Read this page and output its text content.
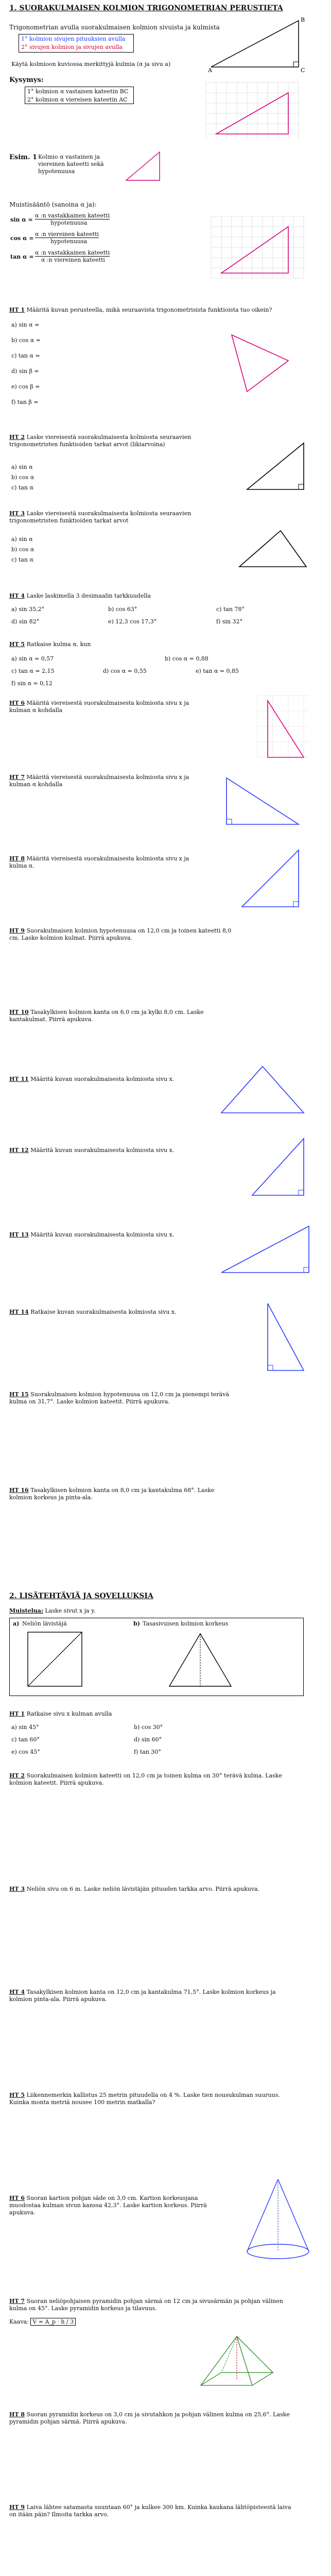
1. SUORAKULMAISEN KOLMION TRIGONOMETRIAN PERUSTIETA
Trigonometrian avulla suorakulmaisen kolmion sivuista ja kulmista
1° kolmion sivujen pituuksien avulla
2° sivujen kolmion ja sivujen avulla
Käytä kolmioon kuviossa merkittyjä kulmia (α ja sivu a)
A	C
B
Kysymys:
1° kolmion α vastaisen kateetin BC
2° kolmion α viereisen kateetin AC
Esim. 1 Kolmio α vastainen ja viereinen kateetti sekä hypotenuusa
Muistisääntö (sanoina α ja):
sin α =
α :n vastakkainen kateetti
hypotenuusa
cos α =
α :n viereinen kateetti
hypotenuusa
tan α =
α :n vastakkainen kateetti
α :n viereinen kateetti
HT 1 Määritä kuvan perusteella, mikä seuraavista trigonometrisista funktioista tuo oikein?
a) sin α =
b) cos α =
c) tan α =
d) sin β =
e) cos β =
f) tan β =
HT 2 Laske viereisestä suorakulmaisesta kolmiosta seuraavien trigonometristen funktioiden tarkat arvot (likiarvoina)
a) sin α
b) cos α
c) tan α
HT 3 Laske viereisestä suorakulmaisesta kolmiosta seuraavien trigonometristen funktioiden tarkat arvot
a) sin α
b) cos α
c) tan α
HT 4 Laske laskimella 3 desimaalin tarkkuudella
a) sin 35,2°	b) cos 63°	c) tan 78°
d) sin 82°	e) 12,3 cos 17,3°	f) sin 32°
HT 5 Ratkaise kulma α, kun
a) sin α = 0,57	b) cos α = 0,88
c) tan α = 2,15	d) cos α = 0,55	e) tan α = 0,85
f) sin α = 0,12
HT 6 Määritä viereisestä suorakulmaisesta kolmiosta sivu x ja kulman α kohdalla
HT 7 Määritä viereisestä suorakulmaisesta kolmiosta sivu x ja kulman α kohdalla
HT 8 Määritä viereisestä suorakulmaisesta kolmiosta sivu x ja kulma α.
HT 9 Suorakulmaisen kolmion hypotenuusa on 12,0 cm ja toinen kateetti 8,0 cm. Laske kolmion kulmat. Piirrä apukuva.
HT 10 Tasakylkisen kolmion kanta on 6,0 cm ja kylki 8,0 cm. Laske kantakulmat. Piirrä apukuva.
HT 11 Määritä kuvan suorakulmaisesta kolmiosta sivu x.
HT 12 Määritä kuvan suorakulmaisesta kolmiosta sivu x.
HT 13 Määritä kuvan suorakulmaisesta kolmiosta sivu x.
HT 14 Ratkaise kuvan suorakulmaisesta kolmiosta sivu x.
HT 15 Suorakulmaisen kolmion hypotenuusa on 12,0 cm ja pienempi terävä kulma on 31,7°. Laske kolmion kateetit. Piirrä apukuva.
HT 16 Tasakylkisen kolmion kanta on 8,0 cm ja kantakulma 68°. Laske kolmion korkeus ja pinta-ala.
2. LISÄTEHTÄVIÄ JA SOVELLUKSIA
Muistelua: Laske sivut x ja y.
a) Neliön lävistäjä	b) Tasasivuisen kolmion korkeus
HT 1 Ratkaise sivu x kulman avulla
a) sin 45°	b) cos 30°
c) tan 60°	d) sin 60°
e) cos 45°	f) tan 30°
HT 2 Suorakulmaisen kolmion kateetti on 12,0 cm ja toinen kulma on 30° terävä kulma. Laske kolmion kateetit. Piirrä apukuva.
HT 3 Neliön sivu on 6 m. Laske neliön lävistäjän pituuden tarkka arvo. Piirrä apukuva.
HT 4 Tasakylkisen kolmion kanta on 12,0 cm ja kantakulma 71,5°. Laske kolmion korkeus ja kolmion pinta-ala. Piirrä apukuva.
HT 5 Liikennemerkin kallistus 25 metrin pituudella on 4 %. Laske tien nousukulman suuruus. Kuinka monta metriä nousee 100 metrin matkalla?
HT 6 Suoran kartion pohjan säde on 3,0 cm. Kartion korkeusjana muodostaa kulman sivun kanssa 42,3°. Laske kartion korkeus. Piirrä apukuva.
HT 7 Suoran neliöpohjaisen pyramidin pohjan särmä on 12 cm ja sivusärmän ja pohjan välinen kulma on 45°. Laske pyramidin korkeus ja tilavuus.
Kaava: V = A_p · h / 3
HT 8 Suoran pyramidin korkeus on 3,0 cm ja sivutahkon ja pohjan välinen kulma on 25,6°. Laske pyramidin pohjan särmä. Piirrä apukuva.
HT 9 Laiva lähtee satamasta suuntaan 60° ja kulkee 300 km. Kuinka kaukana lähtöpisteestä laiva on itään päin? Ilmoita tarkka arvo.
